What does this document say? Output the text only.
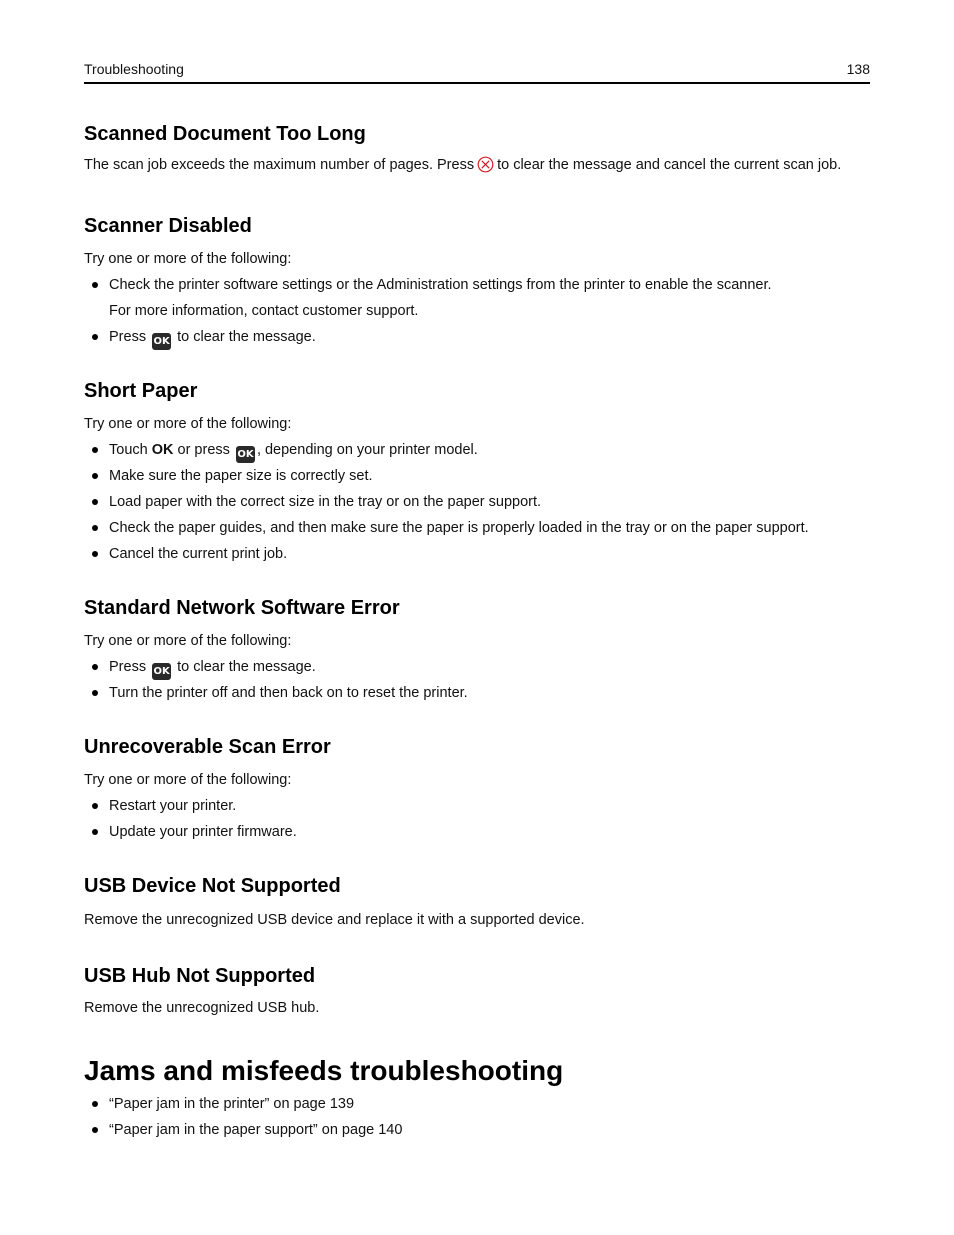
Troubleshooting	138
Scanned Document Too Long

The scan job exceeds the maximum number of pages. Press to clear the message and cancel the current scan job.

Scanner Disabled

Try one or more of the following:

Check the printer software settings or the Administration settings from the printer to enable the scanner.
For more information, contact customer support.
Press OK to clear the message.
Short Paper

Try one or more of the following:

Touch OK or press OK , depending on your printer model.
Make sure the paper size is correctly set.
Load paper with the correct size in the tray or on the paper support.
Check the paper guides, and then make sure the paper is properly loaded in the tray or on the paper support.
Cancel the current print job.
Standard Network Software Error

Try one or more of the following:

Press OK to clear the message.
Turn the printer off and then back on to reset the printer.
Unrecoverable Scan Error

Try one or more of the following:

Restart your printer.
Update your printer firmware.
USB Device Not Supported

Remove the unrecognized USB device and replace it with a supported device.

USB Hub Not Supported

Remove the unrecognized USB hub.

Jams and misfeeds troubleshooting
“Paper jam in the printer” on page 139
“Paper jam in the paper support” on page 140
